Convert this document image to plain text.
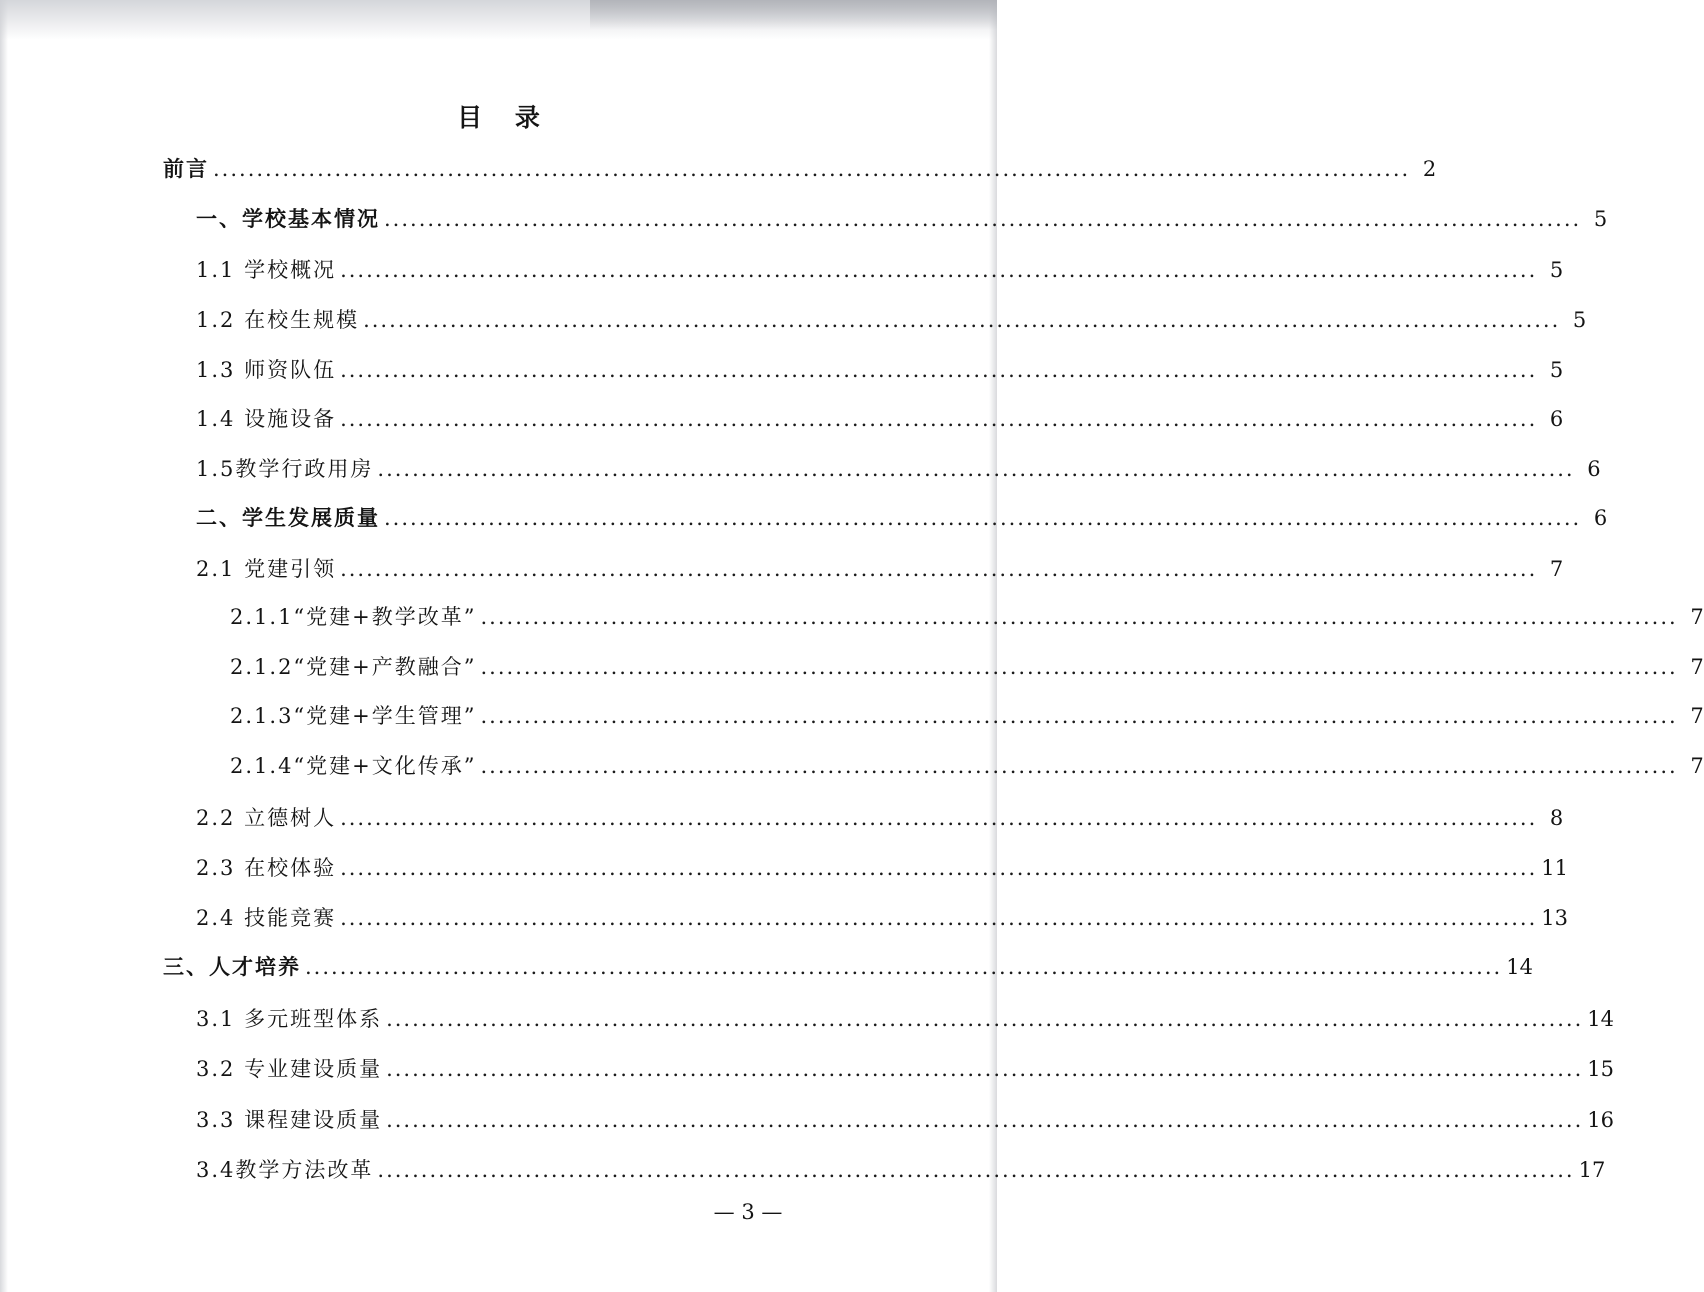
目 录
前言 .......................................................................................................................................... 2
一、学校基本情况 .......................................................................................................................................... 5
1.1 学校概况 .......................................................................................................................................... 5
1.2 在校生规模 .......................................................................................................................................... 5
1.3 师资队伍 .......................................................................................................................................... 5
1.4 设施设备 .......................................................................................................................................... 6
1.5教学行政用房 .......................................................................................................................................... 6
二、学生发展质量 .......................................................................................................................................... 6
2.1 党建引领 .......................................................................................................................................... 7
2.1.1“党建+教学改革” .......................................................................................................................................... 7
2.1.2“党建+产教融合” .......................................................................................................................................... 7
2.1.3“党建+学生管理” .......................................................................................................................................... 7
2.1.4“党建+文化传承” .......................................................................................................................................... 7
2.2 立德树人 .......................................................................................................................................... 8
2.3 在校体验 .......................................................................................................................................... 11
2.4 技能竞赛 .......................................................................................................................................... 13
三、人才培养 .......................................................................................................................................... 14
3.1 多元班型体系 .......................................................................................................................................... 14
3.2 专业建设质量 .......................................................................................................................................... 15
3.3 课程建设质量 .......................................................................................................................................... 16
3.4教学方法改革 .......................................................................................................................................... 17
— 3 —
